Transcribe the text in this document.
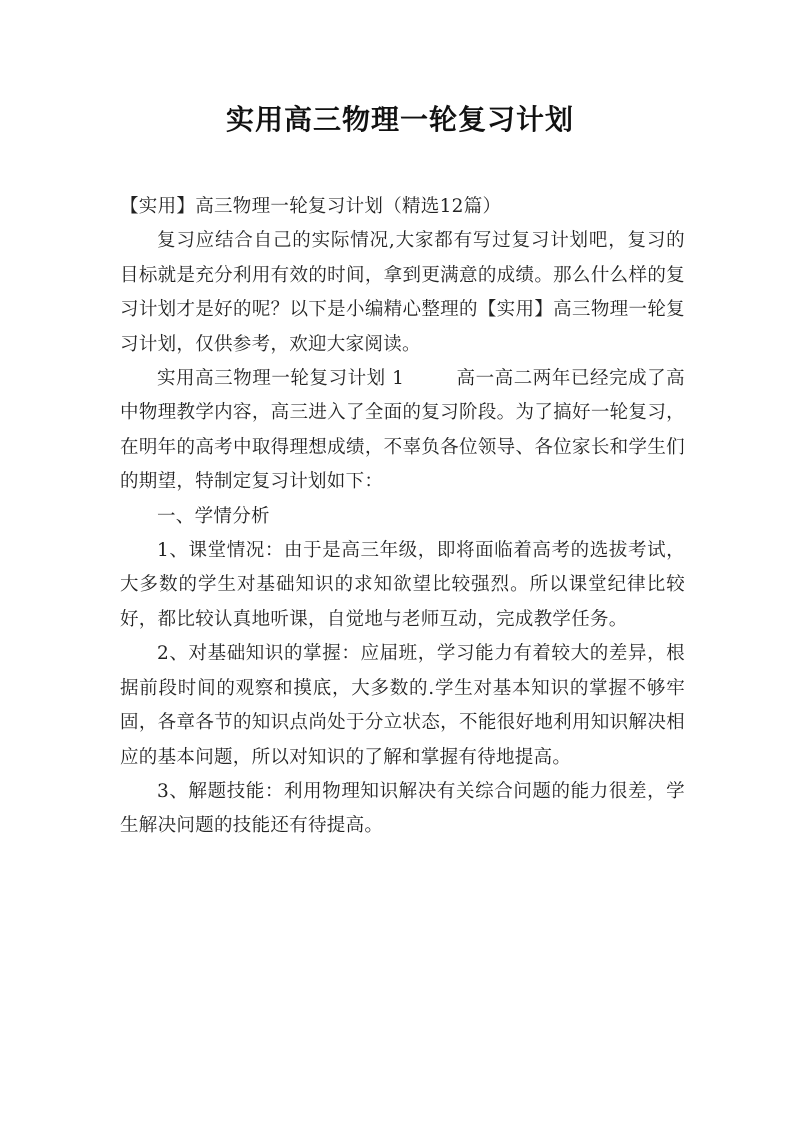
实用高三物理一轮复习计划

【实用】高三物理一轮复习计划（精选12篇）

复习应结合自己的实际情况,大家都有写过复习计划吧，复习的目标就是充分利用有效的时间，拿到更满意的成绩。那么什么样的复习计划才是好的呢？以下是小编精心整理的【实用】高三物理一轮复习计划，仅供参考，欢迎大家阅读。

实用高三物理一轮复习计划 1	高一高二两年已经完成了高中物理教学内容，高三进入了全面的复习阶段。为了搞好一轮复习，在明年的高考中取得理想成绩，不辜负各位领导、各位家长和学生们的期望，特制定复习计划如下：

一、学情分析

1、课堂情况：由于是高三年级，即将面临着高考的选拔考试，大多数的学生对基础知识的求知欲望比较强烈。所以课堂纪律比较好，都比较认真地听课，自觉地与老师互动，完成教学任务。

2、对基础知识的掌握：应届班，学习能力有着较大的差异，根据前段时间的观察和摸底，大多数的.学生对基本知识的掌握不够牢固，各章各节的知识点尚处于分立状态，不能很好地利用知识解决相应的基本问题，所以对知识的了解和掌握有待地提高。

3、解题技能：利用物理知识解决有关综合问题的能力很差，学生解决问题的技能还有待提高。
